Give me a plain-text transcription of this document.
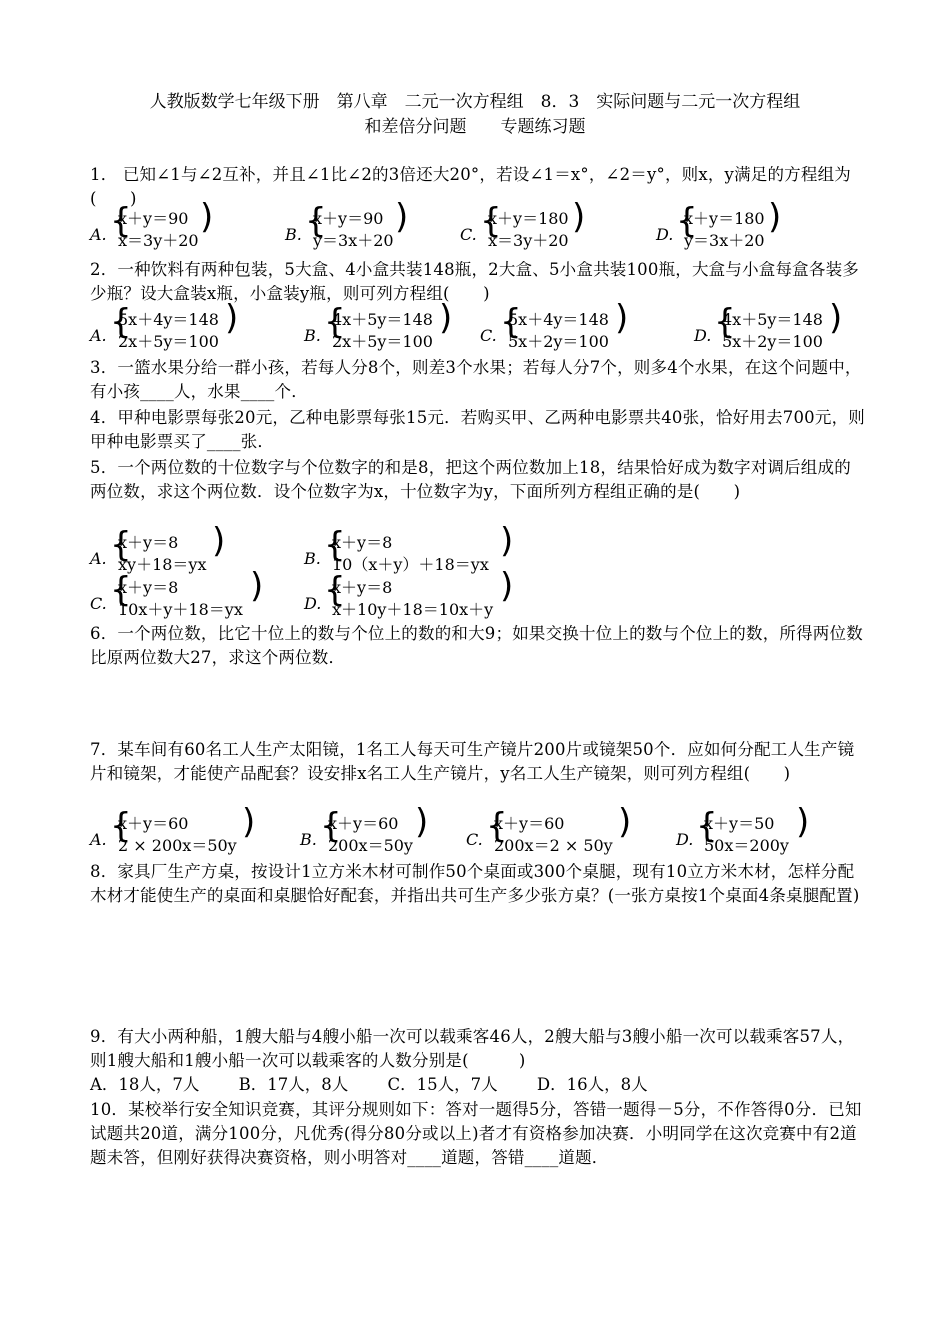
人教版数学七年级下册　第八章　二元一次方程组　8．3　实际问题与二元一次方程组
和差倍分问题　　专题练习题
1． 已知∠1与∠2互补，并且∠1比∠2的3倍还大20°，若设∠1＝x°，∠2＝y°，则x，y满足的方程组为(　　)
A. {
x＋y＝90
x＝3y＋20
)	B. {
x＋y＝90
y＝3x＋20
)	C. {
x＋y＝180
x＝3y＋20
)	D. {
x＋y＝180
y＝3x＋20
)
2．一种饮料有两种包装，5大盒、4小盒共装148瓶，2大盒、5小盒共装100瓶，大盒与小盒每盒各装多少瓶？设大盒装x瓶，小盒装y瓶，则可列方程组(　　)
A. {
5x＋4y＝148
2x＋5y＝100
)	B. {
4x＋5y＝148
2x＋5y＝100
) C. {
5x＋4y＝148
5x＋2y＝100
)	D. {
4x＋5y＝148
5x＋2y＝100
)
3．一篮水果分给一群小孩，若每人分8个，则差3个水果；若每人分7个，则多4个水果，在这个问题中，有小孩____人，水果____个．
4．甲种电影票每张20元，乙种电影票每张15元．若购买甲、乙两种电影票共40张，恰好用去700元，则甲种电影票买了____张．
5．一个两位数的十位数字与个位数字的和是8，把这个两位数加上18，结果恰好成为数字对调后组成的两位数，求这个两位数．设个位数字为x，十位数字为y，下面所列方程组正确的是(　　)
A. {
x＋y＝8
xy＋18＝yx
)	B. {
x＋y＝8
10（x＋y）＋18＝yx
)
C. {
x＋y＝8
10x＋y＋18＝yx
)	D. {
x＋y＝8
x＋10y＋18＝10x＋y
)
6．一个两位数，比它十位上的数与个位上的数的和大9；如果交换十位上的数与个位上的数，所得两位数比原两位数大27，求这个两位数．
7．某车间有60名工人生产太阳镜，1名工人每天可生产镜片200片或镜架50个．应如何分配工人生产镜片和镜架，才能使产品配套？设安排x名工人生产镜片，y名工人生产镜架，则可列方程组(　　)
A. {
x＋y＝60
2 × 200x＝50y
)	B. {
x＋y＝60
200x＝50y
) C. {
x＋y＝60
200x＝2 × 50y
)	D. {
x＋y＝50
50x＝200y
)
8．家具厂生产方桌，按设计1立方米木材可制作50个桌面或300个桌腿，现有10立方米木材，怎样分配木材才能使生产的桌面和桌腿恰好配套，并指出共可生产多少张方桌？(一张方桌按1个桌面4条桌腿配置)
9．有大小两种船，1艘大船与4艘小船一次可以载乘客46人，2艘大船与3艘小船一次可以载乘客57人，则1艘大船和1艘小船一次可以载乘客的人数分别是(　　　)
A．18人，7人 B．17人，8人 C．15人，7人 D．16人，8人
10．某校举行安全知识竞赛，其评分规则如下：答对一题得5分，答错一题得－5分，不作答得0分．已知试题共20道，满分100分，凡优秀(得分80分或以上)者才有资格参加决赛．小明同学在这次竞赛中有2道题未答，但刚好获得决赛资格，则小明答对____道题，答错____道题．
